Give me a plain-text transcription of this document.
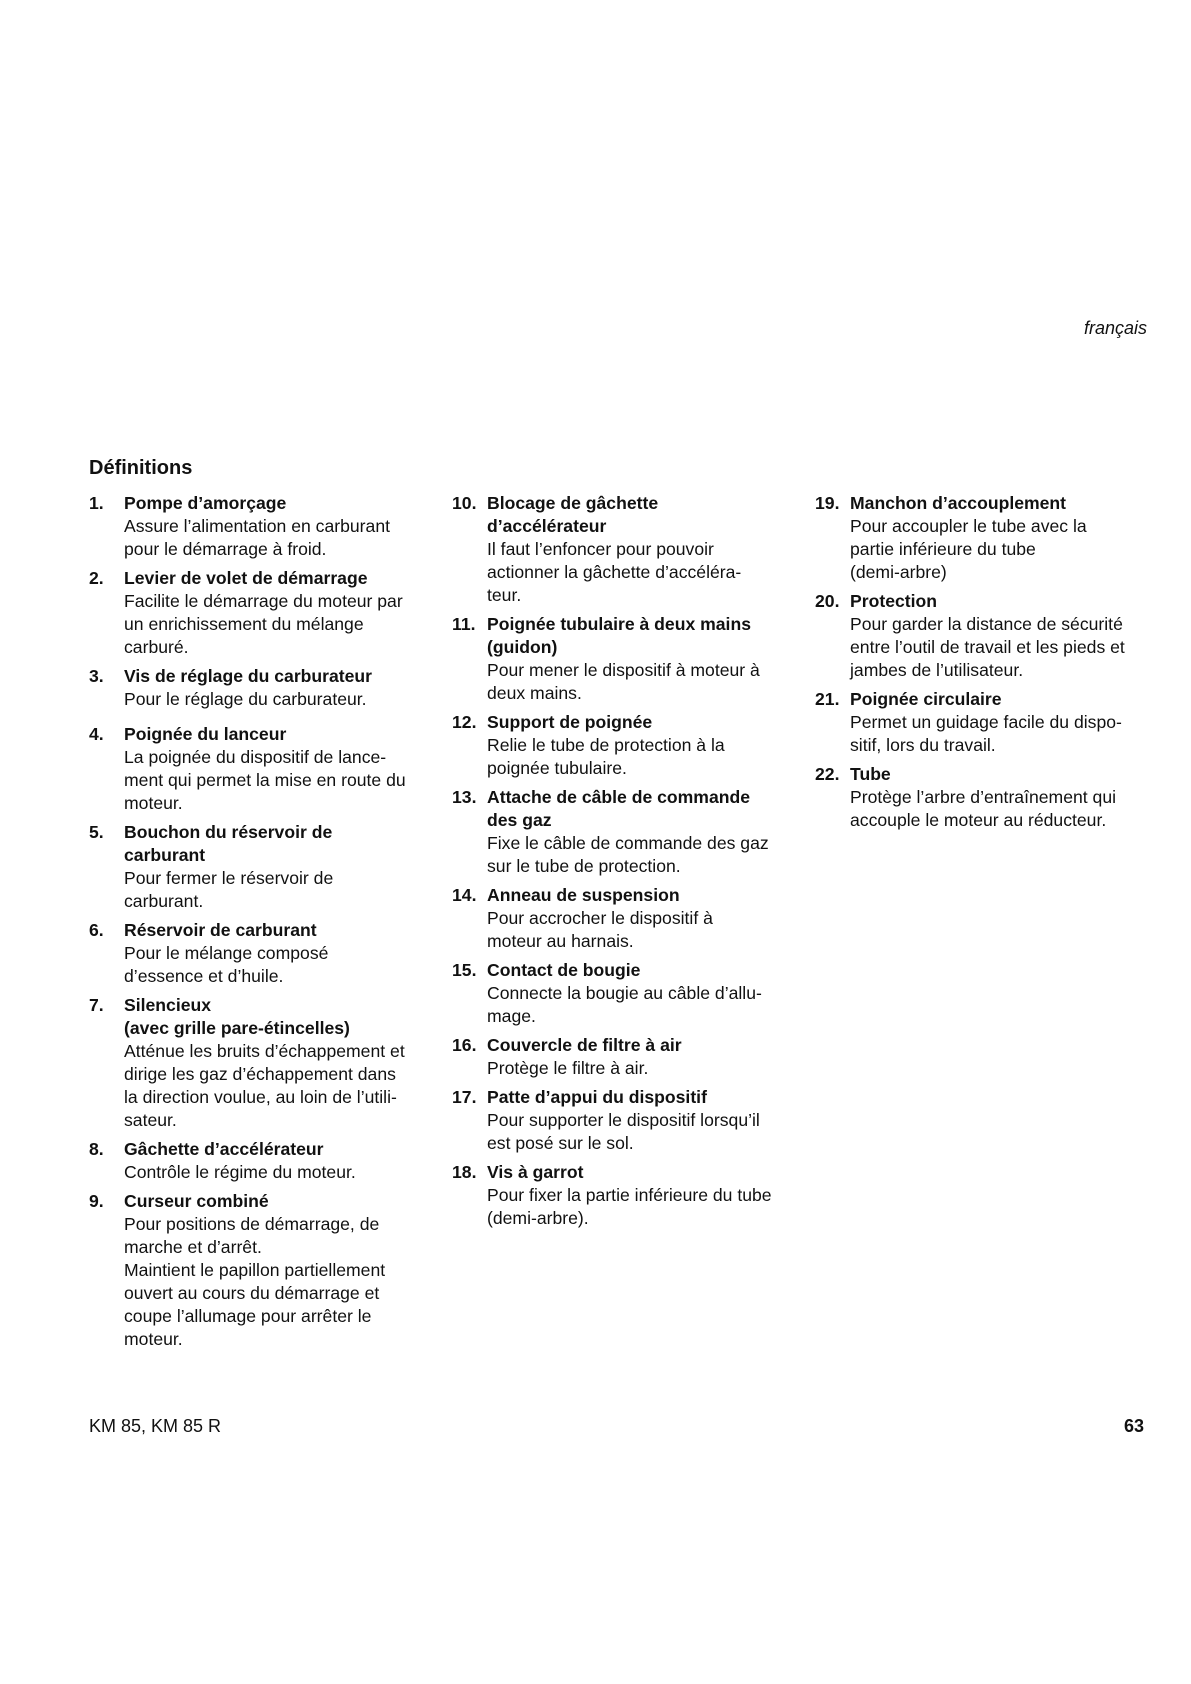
français
Définitions
1. Pompe d’amorçage
Assure l’alimentation en carburant
pour le démarrage à froid.
2. Levier de volet de démarrage
Facilite le démarrage du moteur par
un enrichissement du mélange
carburé.
3. Vis de réglage du carburateur
Pour le réglage du carburateur.
4. Poignée du lanceur
La poignée du dispositif de lance-
ment qui permet la mise en route du
moteur.
5. Bouchon du réservoir de
carburant
Pour fermer le réservoir de
carburant.
6. Réservoir de carburant
Pour le mélange composé
d’essence et d’huile.
7. Silencieux
(avec grille pare-étincelles)
Atténue les bruits d’échappement et
dirige les gaz d’échappement dans
la direction voulue, au loin de l’utili-
sateur.
8. Gâchette d’accélérateur
Contrôle le régime du moteur.
9. Curseur combiné
Pour positions de démarrage, de
marche et d’arrêt.
Maintient le papillon partiellement
ouvert au cours du démarrage et
coupe l’allumage pour arrêter le
moteur.
10. Blocage de gâchette
d’accélérateur
Il faut l’enfoncer pour pouvoir
actionner la gâchette d’accéléra-
teur.
11. Poignée tubulaire à deux mains
(guidon)
Pour mener le dispositif à moteur à
deux mains.
12. Support de poignée
Relie le tube de protection à la
poignée tubulaire.
13. Attache de câble de commande
des gaz
Fixe le câble de commande des gaz
sur le tube de protection.
14. Anneau de suspension
Pour accrocher le dispositif à
moteur au harnais.
15. Contact de bougie
Connecte la bougie au câble d’allu-
mage.
16. Couvercle de filtre à air
Protège le filtre à air.
17. Patte d’appui du dispositif
Pour supporter le dispositif lorsqu’il
est posé sur le sol.
18. Vis à garrot
Pour fixer la partie inférieure du tube
(demi-arbre).
19. Manchon d’accouplement
Pour accoupler le tube avec la
partie inférieure du tube
(demi-arbre)
20. Protection
Pour garder la distance de sécurité
entre l’outil de travail et les pieds et
jambes de l’utilisateur.
21. Poignée circulaire
Permet un guidage facile du dispo-
sitif, lors du travail.
22. Tube
Protège l’arbre d’entraînement qui
accouple le moteur au réducteur.
KM 85, KM 85 R	63
